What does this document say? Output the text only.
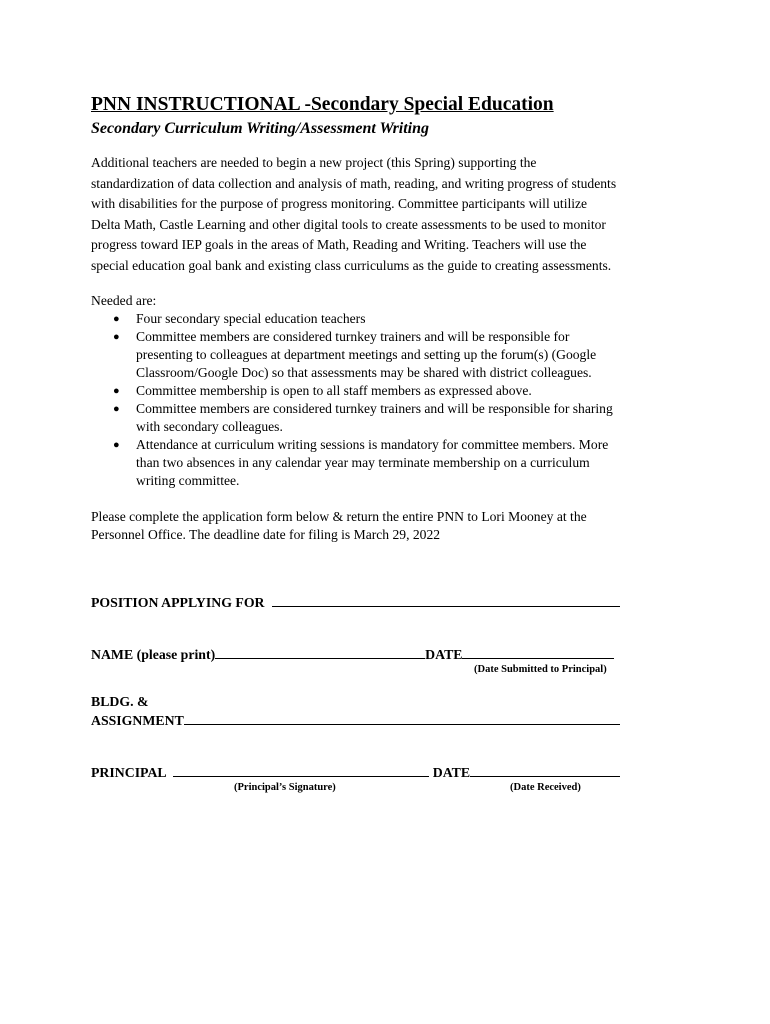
PNN INSTRUCTIONAL -Secondary Special Education
Secondary Curriculum Writing/Assessment Writing

Additional teachers are needed to begin a new project (this Spring) supporting the
standardization of data collection and analysis of math, reading, and writing progress of students
with disabilities for the purpose of progress monitoring. Committee participants will utilize
Delta Math, Castle Learning and other digital tools to create assessments to be used to monitor
progress toward IEP goals in the areas of Math, Reading and Writing. Teachers will use the
special education goal bank and existing class curriculums as the guide to creating assessments.

Needed are:

● Four secondary special education teachers
● Committee members are considered turnkey trainers and will be responsible for
presenting to colleagues at department meetings and setting up the forum(s) (Google
Classroom/Google Doc) so that assessments may be shared with district colleagues.
● Committee membership is open to all staff members as expressed above.
● Committee members are considered turnkey trainers and will be responsible for sharing
with secondary colleagues.
● Attendance at curriculum writing sessions is mandatory for committee members. More
than two absences in any calendar year may terminate membership on a curriculum
writing committee.

Please complete the application form below & return the entire PNN to Lori Mooney at the
Personnel Office. The deadline date for filing is March 29, 2022

POSITION APPLYING FOR
NAME (please print)	DATE
(Date Submitted to Principal)
BLDG. &
ASSIGNMENT
PRINCIPAL	DATE
(Principal’s Signature)	(Date Received)
